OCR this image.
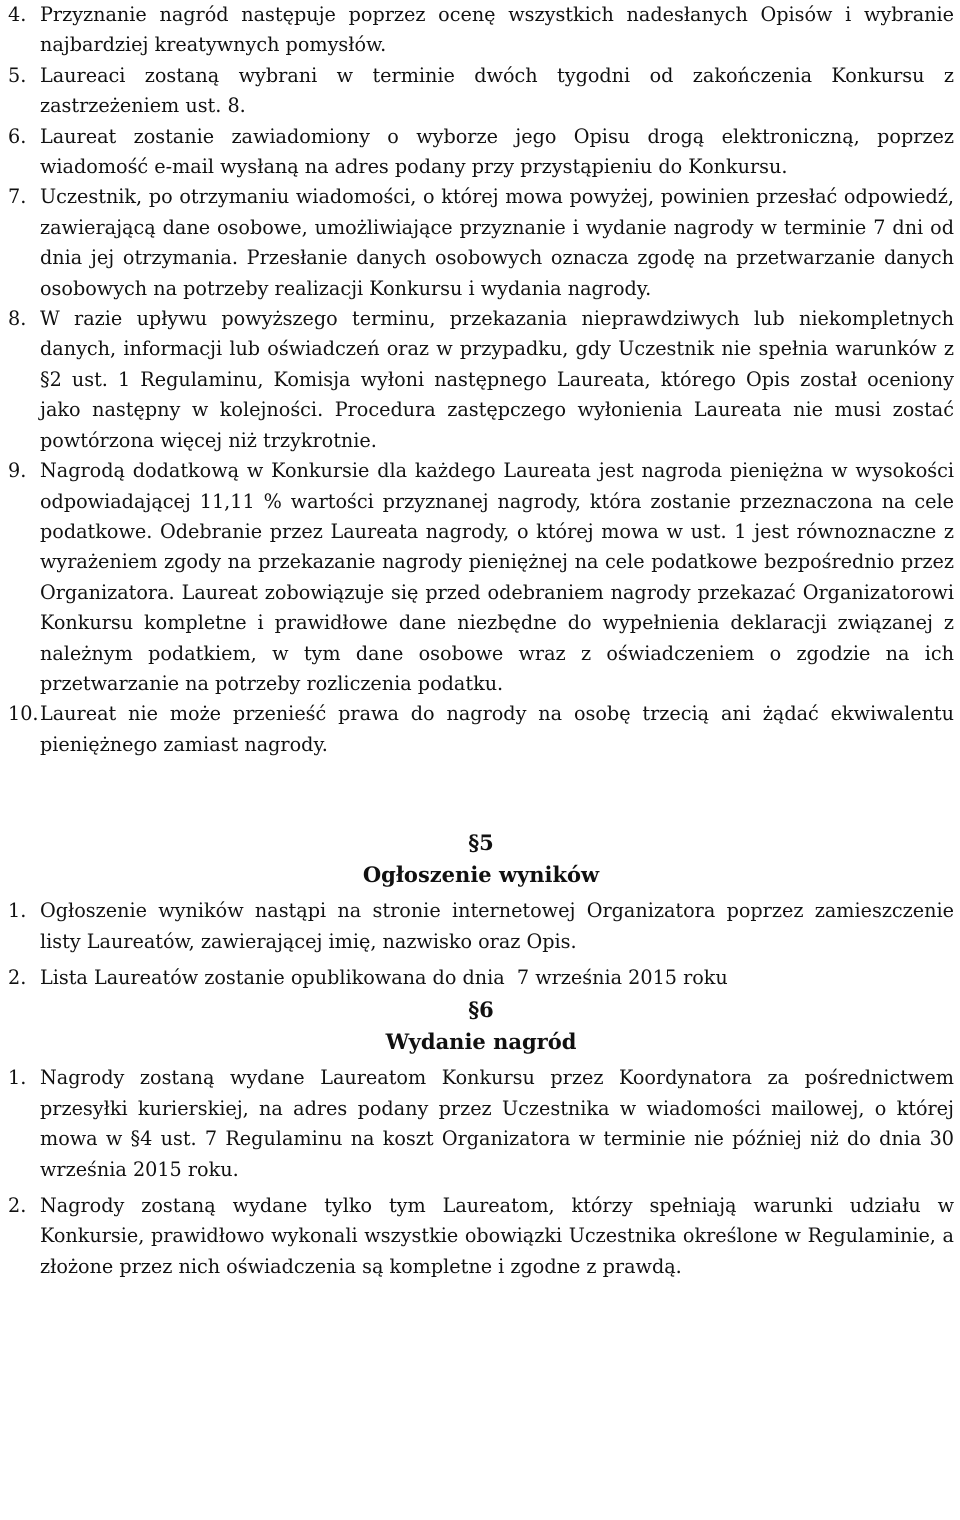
4. Przyznanie nagród następuje poprzez ocenę wszystkich nadesłanych Opisów i wybranie najbardziej kreatywnych pomysłów.
5. Laureaci zostaną wybrani w terminie dwóch tygodni od zakończenia Konkursu z zastrzeżeniem ust. 8.
6. Laureat zostanie zawiadomiony o wyborze jego Opisu drogą elektroniczną, poprzez wiadomość e-mail wysłaną na adres podany przy przystąpieniu do Konkursu.
7. Uczestnik, po otrzymaniu wiadomości, o której mowa powyżej, powinien przesłać odpowiedź, zawierającą dane osobowe, umożliwiające przyznanie i wydanie nagrody w terminie 7 dni od dnia jej otrzymania. Przesłanie danych osobowych oznacza zgodę na przetwarzanie danych osobowych na potrzeby realizacji Konkursu i wydania nagrody.
8. W razie upływu powyższego terminu, przekazania nieprawdziwych lub niekompletnych danych, informacji lub oświadczeń oraz w przypadku, gdy Uczestnik nie spełnia warunków z §2 ust. 1 Regulaminu, Komisja wyłoni następnego Laureata, którego Opis został oceniony jako następny w kolejności. Procedura zastępczego wyłonienia Laureata nie musi zostać powtórzona więcej niż trzykrotnie.
9. Nagrodą dodatkową w Konkursie dla każdego Laureata jest nagroda pieniężna w wysokości odpowiadającej 11,11 % wartości przyznanej nagrody, która zostanie przeznaczona na cele podatkowe. Odebranie przez Laureata nagrody, o której mowa w ust. 1 jest równoznaczne z wyrażeniem zgody na przekazanie nagrody pieniężnej na cele podatkowe bezpośrednio przez Organizatora. Laureat zobowiązuje się przed odebraniem nagrody przekazać Organizatorowi Konkursu kompletne i prawidłowe dane niezbędne do wypełnienia deklaracji związanej z należnym podatkiem, w tym dane osobowe wraz z oświadczeniem o zgodzie na ich przetwarzanie na potrzeby rozliczenia podatku.
10. Laureat nie może przenieść prawa do nagrody na osobę trzecią ani żądać ekwiwalentu pieniężnego zamiast nagrody.
§5
Ogłoszenie wyników
1. Ogłoszenie wyników nastąpi na stronie internetowej Organizatora poprzez zamieszczenie listy Laureatów, zawierającej imię, nazwisko oraz Opis.
2. Lista Laureatów zostanie opublikowana do dnia  7 września 2015 roku
§6
Wydanie nagród
1. Nagrody zostaną wydane Laureatom Konkursu przez Koordynatora za pośrednictwem przesyłki kurierskiej, na adres podany przez Uczestnika w wiadomości mailowej, o której mowa w §4 ust. 7 Regulaminu na koszt Organizatora w terminie nie później niż do dnia 30 września 2015 roku.
2. Nagrody zostaną wydane tylko tym Laureatom, którzy spełniają warunki udziału w Konkursie, prawidłowo wykonali wszystkie obowiązki Uczestnika określone w Regulaminie, a złożone przez nich oświadczenia są kompletne i zgodne z prawdą.
